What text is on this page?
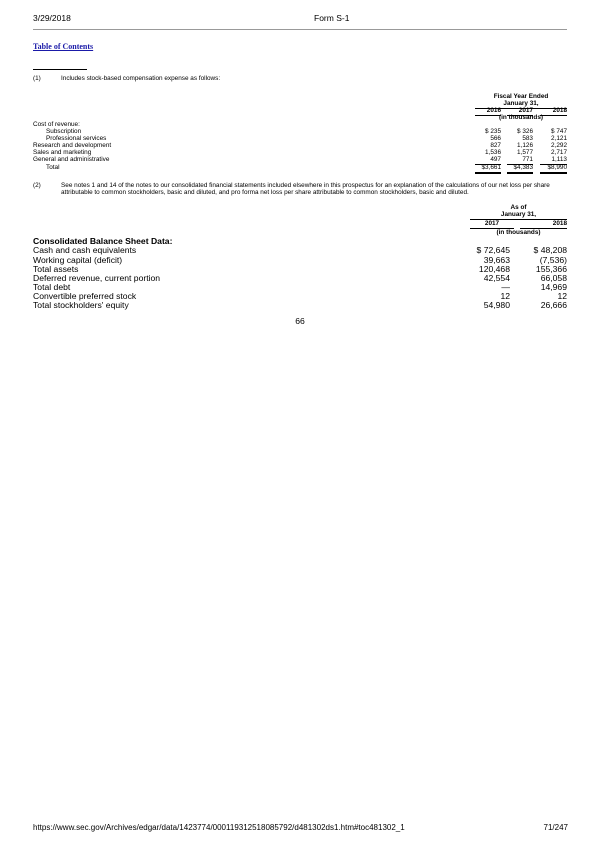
3/29/2018	Form S-1
Table of Contents
(1)	Includes stock-based compensation expense as follows:
Fiscal Year Ended
January 31,
2016	2017	2018
(in thousands)
Cost of revenue:
Subscription	$ 235	$ 326	$ 747
Professional services	566	583	2,121
Research and development	827	1,126	2,292
Sales and marketing	1,536	1,577	2,717
General and administrative	497	771	1,113
Total	$3,661	$4,383	$8,990
(2)	See notes 1 and 14 of the notes to our consolidated financial statements included elsewhere in this prospectus for an explanation of the calculations of our net loss per share
attributable to common stockholders, basic and diluted, and pro forma net loss per share attributable to common stockholders, basic and diluted.
As of
January 31,
2017	2018
(in thousands)
Consolidated Balance Sheet Data:
Cash and cash equivalents	$ 72,645	$ 48,208
Working capital (deficit)	39,663	(7,536)
Total assets	120,468	155,366
Deferred revenue, current portion	42,554	66,058
Total debt	—	14,969
Convertible preferred stock	12	12
Total stockholders' equity	54,980	26,666
66
https://www.sec.gov/Archives/edgar/data/1423774/000119312518085792/d481302ds1.htm#toc481302_1	71/247
